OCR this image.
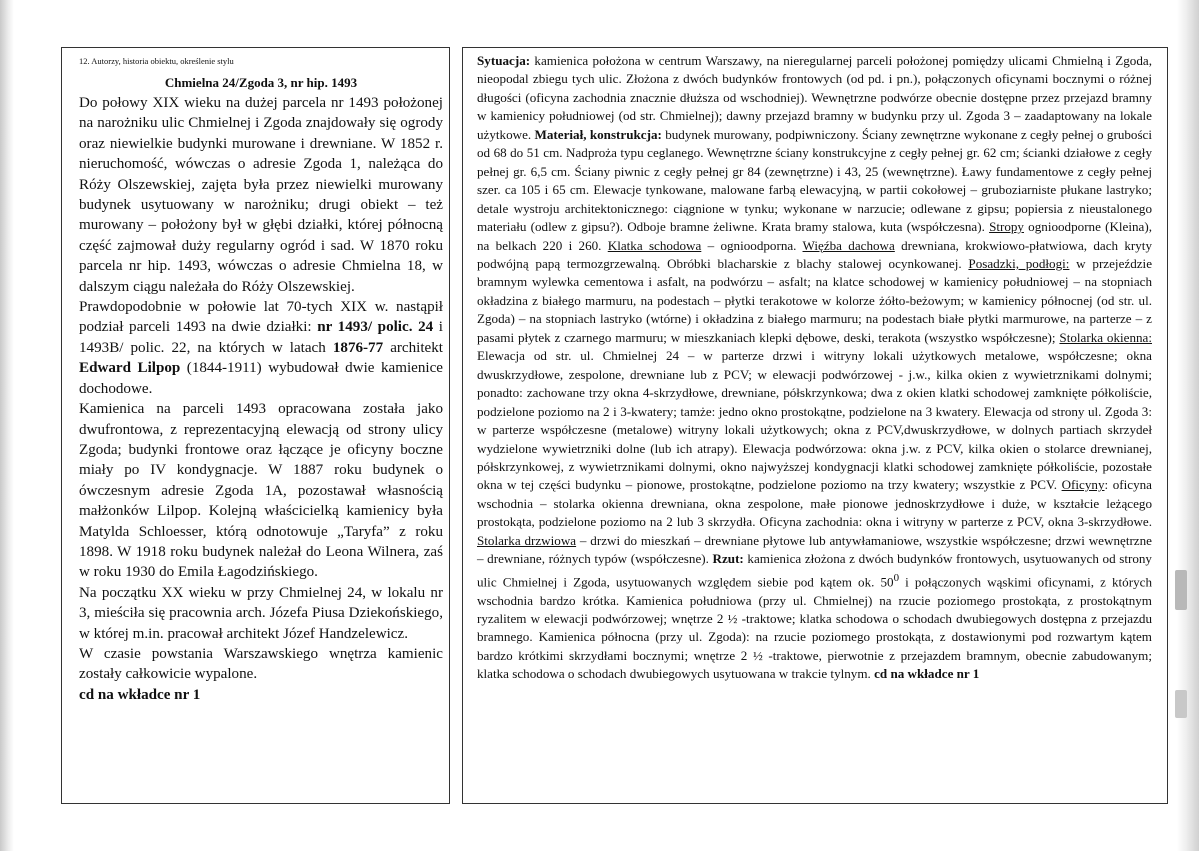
12. Autorzy, historia obiektu, określenie stylu
Chmielna 24/Zgoda 3, nr hip. 1493

Do połowy XIX wieku na dużej parcela nr 1493 położonej na narożniku ulic Chmielnej i Zgoda znajdowały się ogrody oraz niewielkie budynki murowane i drewniane. W 1852 r. nieruchomość, wówczas o adresie Zgoda 1, należąca do Róży Olszewskiej, zajęta była przez niewielki murowany budynek usytuowany w narożniku; drugi obiekt – też murowany – położony był w głębi działki, której północną część zajmował duży regularny ogród i sad. W 1870 roku parcela nr hip. 1493, wówczas o adresie Chmielna 18, w dalszym ciągu należała do Róży Olszewskiej.

Prawdopodobnie w połowie lat 70-tych XIX w. nastąpił podział parceli 1493 na dwie działki: nr 1493/ polic. 24 i 1493B/ polic. 22, na których w latach 1876-77 architekt Edward Lilpop (1844-1911) wybudował dwie kamienice dochodowe.

Kamienica na parceli 1493 opracowana została jako dwufrontowa, z reprezentacyjną elewacją od strony ulicy Zgoda; budynki frontowe oraz łączące je oficyny boczne miały po IV kondygnacje. W 1887 roku budynek o ówczesnym adresie Zgoda 1A, pozostawał własnością małżonków Lilpop. Kolejną właścicielką kamienicy była Matylda Schloesser, którą odnotowuje „Taryfa” z roku 1898. W 1918 roku budynek należał do Leona Wilnera, zaś w roku 1930 do Emila Łagodzińskiego.

Na początku XX wieku w przy Chmielnej 24, w lokalu nr 3, mieściła się pracownia arch. Józefa Piusa Dziekońskiego, w której m.in. pracował architekt Józef Handzelewicz.

W czasie powstania Warszawskiego wnętrza kamienic zostały całkowicie wypalone.

cd na wkładce nr 1

Sytuacja: kamienica położona w centrum Warszawy, na nieregularnej parceli położonej pomiędzy ulicami Chmielną i Zgoda, nieopodal zbiegu tych ulic. Złożona z dwóch budynków frontowych (od pd. i pn.), połączonych oficynami bocznymi o różnej długości (oficyna zachodnia znacznie dłuższa od wschodniej). Wewnętrzne podwórze obecnie dostępne przez przejazd bramny w kamienicy południowej (od str. Chmielnej); dawny przejazd bramny w budynku przy ul. Zgoda 3 – zaadaptowany na lokale użytkowe. Materiał, konstrukcja: budynek murowany, podpiwniczony. Ściany zewnętrzne wykonane z cegły pełnej o grubości od 68 do 51 cm. Nadproża typu ceglanego. Wewnętrzne ściany konstrukcyjne z cegły pełnej gr. 62 cm; ścianki działowe z cegły pełnej gr. 6,5 cm. Ściany piwnic z cegły pełnej gr 84 (zewnętrzne) i 43, 25 (wewnętrzne). Ławy fundamentowe z cegły pełnej szer. ca 105 i 65 cm. Elewacje tynkowane, malowane farbą elewacyjną, w partii cokołowej – gruboziarniste płukane lastryko; detale wystroju architektonicznego: ciągnione w tynku; wykonane w narzucie; odlewane z gipsu; popiersia z nieustalonego materiału (odlew z gipsu?). Odboje bramne żeliwne. Krata bramy stalowa, kuta (współczesna). Stropy ognioodporne (Kleina), na belkach 220 i 260. Klatka schodowa – ognioodporna. Więźba dachowa drewniana, krokwiowo-płatwiowa, dach kryty podwójną papą termozgrzewalną. Obróbki blacharskie z blachy stalowej ocynkowanej. Posadzki, podłogi: w przejeździe bramnym wylewka cementowa i asfalt, na podwórzu – asfalt; na klatce schodowej w kamienicy południowej – na stopniach okładzina z białego marmuru, na podestach – płytki terakotowe w kolorze żółto-beżowym; w kamienicy północnej (od str. ul. Zgoda) – na stopniach lastryko (wtórne) i okładzina z białego marmuru; na podestach białe płytki marmurowe, na parterze – z pasami płytek z czarnego marmuru; w mieszkaniach klepki dębowe, deski, terakota (wszystko współczesne); Stolarka okienna: Elewacja od str. ul. Chmielnej 24 – w parterze drzwi i witryny lokali użytkowych metalowe, współczesne; okna dwuskrzydłowe, zespolone, drewniane lub z PCV; w elewacji podwórzowej - j.w., kilka okien z wywietrznikami dolnymi; ponadto: zachowane trzy okna 4-skrzydłowe, drewniane, półskrzynkowa; dwa z okien klatki schodowej zamknięte półkoliście, podzielone poziomo na 2 i 3-kwatery; tamże: jedno okno prostokątne, podzielone na 3 kwatery. Elewacja od strony ul. Zgoda 3: w parterze współczesne (metalowe) witryny lokali użytkowych; okna z PCV,dwuskrzydłowe, w dolnych partiach skrzydeł wydzielone wywietrzniki dolne (lub ich atrapy). Elewacja podwórzowa: okna j.w. z PCV, kilka okien o stolarce drewnianej, półskrzynkowej, z wywietrznikami dolnymi, okno najwyższej kondygnacji klatki schodowej zamknięte półkoliście, pozostałe okna w tej części budynku – pionowe, prostokątne, podzielone poziomo na trzy kwatery; wszystkie z PCV. Oficyny: oficyna wschodnia – stolarka okienna drewniana, okna zespolone, małe pionowe jednoskrzydłowe i duże, w kształcie leżącego prostokąta, podzielone poziomo na 2 lub 3 skrzydła. Oficyna zachodnia: okna i witryny w parterze z PCV, okna 3-skrzydłowe. Stolarka drzwiowa – drzwi do mieszkań – drewniane płytowe lub antywłamaniowe, wszystkie współczesne; drzwi wewnętrzne – drewniane, różnych typów (współczesne). Rzut: kamienica złożona z dwóch budynków frontowych, usytuowanych od strony ulic Chmielnej i Zgoda, usytuowanych względem siebie pod kątem ok. $50^0$ i połączonych wąskimi oficynami, z których wschodnia bardzo krótka. Kamienica południowa (przy ul. Chmielnej) na rzucie poziomego prostokąta, z prostokątnym ryzalitem w elewacji podwórzowej; wnętrze 2 ½ -traktowe; klatka schodowa o schodach dwubiegowych dostępna z przejazdu bramnego. Kamienica północna (przy ul. Zgoda): na rzucie poziomego prostokąta, z dostawionymi pod rozwartym kątem bardzo krótkimi skrzydłami bocznymi; wnętrze 2 ½ -traktowe, pierwotnie z przejazdem bramnym, obecnie zabudowanym; klatka schodowa o schodach dwubiegowych usytuowana w trakcie tylnym. cd na wkładce nr 1
